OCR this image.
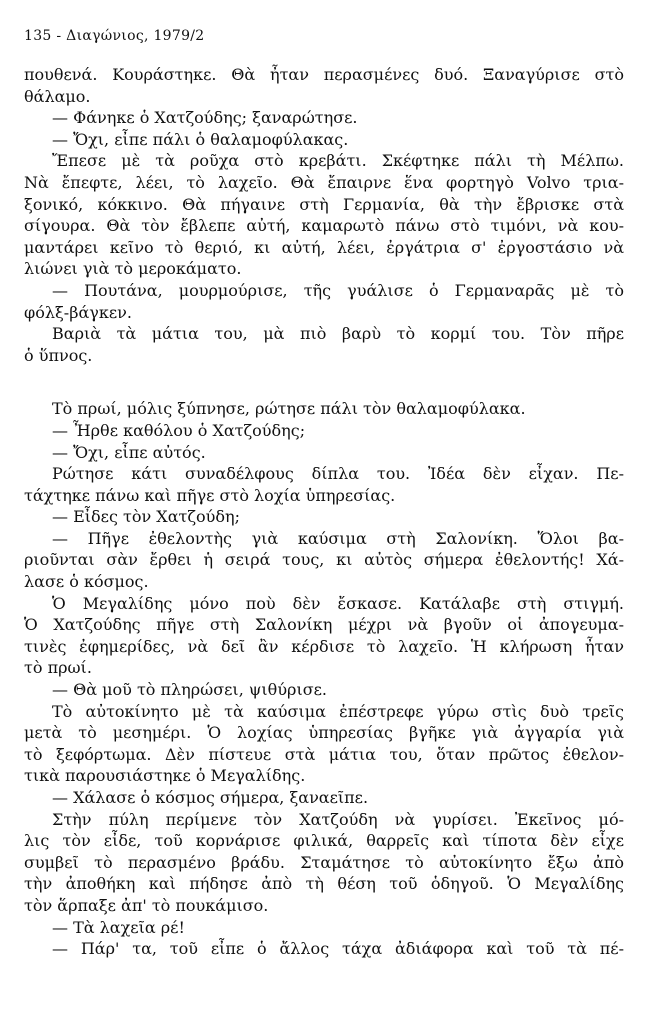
135 - Διαγώνιος, 1979/2
πουθενά. Κουράστηκε. Θὰ ἦταν περασμένες δυό. Ξαναγύρισε στὸ
θάλαμο.
— Φάνηκε ὁ Χατζούδης; ξαναρώτησε.
— Ὄχι, εἶπε πάλι ὁ θαλαμοφύλακας.
Ἔπεσε μὲ τὰ ροῦχα στὸ κρεβάτι. Σκέφτηκε πάλι τὴ Μέλπω.
Νὰ ἔπεφτε, λέει, τὸ λαχεῖο. Θὰ ἔπαιρνε ἕνα φορτηγὸ Volvo τρια-
ξονικό, κόκκινο. Θὰ πήγαινε στὴ Γερμανία, θὰ τὴν ἔβρισκε στὰ
σίγουρα. Θὰ τὸν ἔβλεπε αὐτή, καμαρωτὸ πάνω στὸ τιμόνι, νὰ κου-
μαντάρει κεῖνο τὸ θεριό, κι αὐτή, λέει, ἐργάτρια σ' ἐργοστάσιο νὰ
λιώνει γιὰ τὸ μεροκάματο.
— Πουτάνα, μουρμούρισε, τῆς γυάλισε ὁ Γερμαναρᾶς μὲ τὸ
φόλξ-βάγκεν.
Βαριὰ τὰ μάτια του, μὰ πιὸ βαρὺ τὸ κορμί του. Τὸν πῆρε
ὁ ὕπνος.
Τὸ πρωί, μόλις ξύπνησε, ρώτησε πάλι τὸν θαλαμοφύλακα.
— Ἦρθε καθόλου ὁ Χατζούδης;
— Ὄχι, εἶπε αὐτός.
Ρώτησε κάτι συναδέλφους δίπλα του. Ἰδέα δὲν εἶχαν. Πε-
τάχτηκε πάνω καὶ πῆγε στὸ λοχία ὑπηρεσίας.
— Εἶδες τὸν Χατζούδη;
— Πῆγε ἐθελοντὴς γιὰ καύσιμα στὴ Σαλονίκη. Ὅλοι βα-
ριοῦνται σὰν ἔρθει ἡ σειρά τους, κι αὐτὸς σήμερα ἐθελοντής! Χά-
λασε ὁ κόσμος.
Ὁ Μεγαλίδης μόνο ποὺ δὲν ἔσκασε. Κατάλαβε στὴ στιγμή.
Ὁ Χατζούδης πῆγε στὴ Σαλονίκη μέχρι νὰ βγοῦν οἱ ἀπογευμα-
τινὲς ἐφημερίδες, νὰ δεῖ ἂν κέρδισε τὸ λαχεῖο. Ἡ κλήρωση ἦταν
τὸ πρωί.
— Θὰ μοῦ τὸ πληρώσει, ψιθύρισε.
Τὸ αὐτοκίνητο μὲ τὰ καύσιμα ἐπέστρεφε γύρω στὶς δυὸ τρεῖς
μετὰ τὸ μεσημέρι. Ὁ λοχίας ὑπηρεσίας βγῆκε γιὰ ἀγγαρία γιὰ
τὸ ξεφόρτωμα. Δὲν πίστευε στὰ μάτια του, ὅταν πρῶτος ἐθελον-
τικὰ παρουσιάστηκε ὁ Μεγαλίδης.
— Χάλασε ὁ κόσμος σήμερα, ξαναεῖπε.
Στὴν πύλη περίμενε τὸν Χατζούδη νὰ γυρίσει. Ἐκεῖνος μό-
λις τὸν εἶδε, τοῦ κορνάρισε φιλικά, θαρρεῖς καὶ τίποτα δὲν εἶχε
συμβεῖ τὸ περασμένο βράδυ. Σταμάτησε τὸ αὐτοκίνητο ἔξω ἀπὸ
τὴν ἀποθήκη καὶ πήδησε ἀπὸ τὴ θέση τοῦ ὁδηγοῦ. Ὁ Μεγαλίδης
τὸν ἅρπαξε ἀπ' τὸ πουκάμισο.
— Τὰ λαχεῖα ρέ!
— Πάρ' τα, τοῦ εἶπε ὁ ἄλλος τάχα ἀδιάφορα καὶ τοῦ τὰ πέ-
